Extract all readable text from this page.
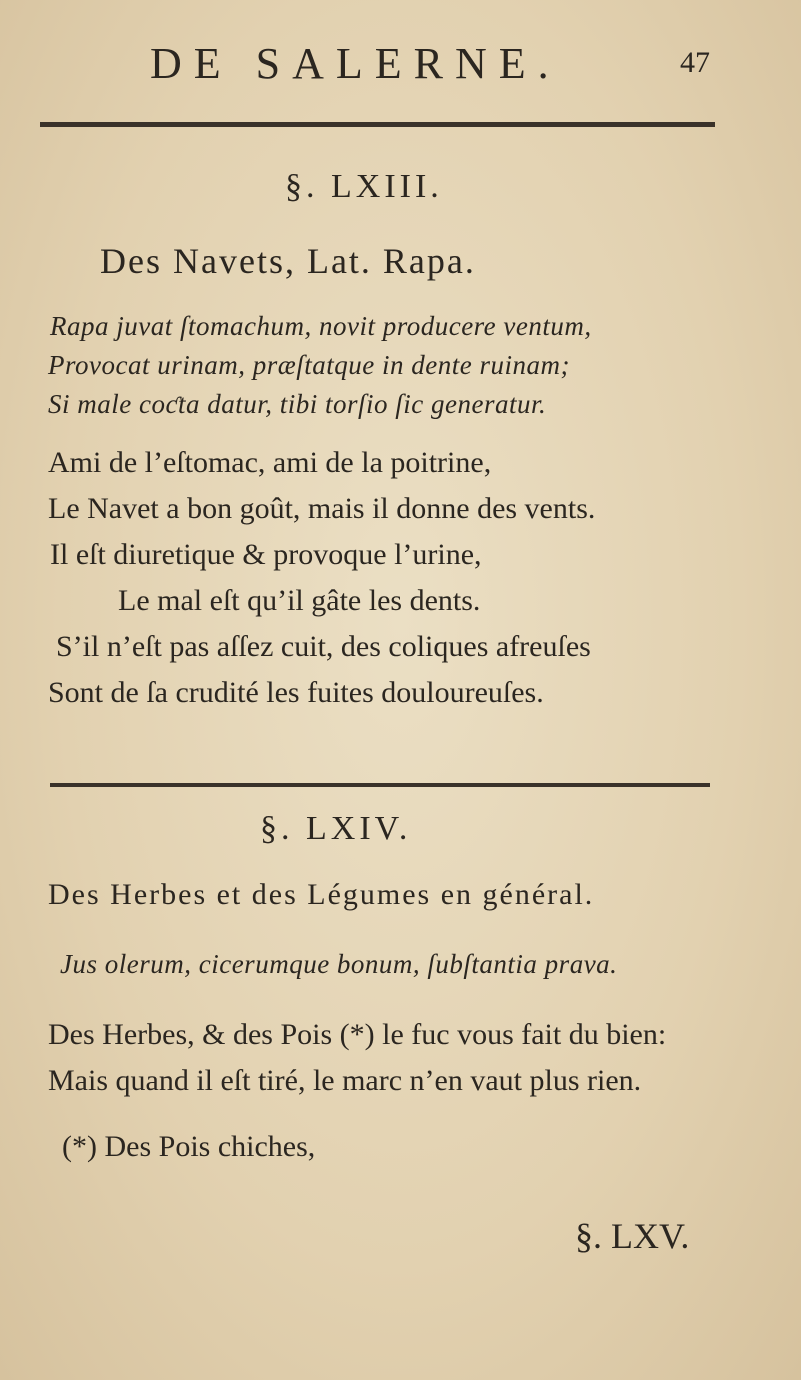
DE SALERNE.	47
§. LXIII.
Des Navets, Lat. Rapa.
Rapa juvat ſtomachum, novit producere ventum,
Provocat urinam, præſtatque in dente ruinam;
Si male coƈta datur, tibi torſio ſic generatur.
Ami de l’eſtomac, ami de la poitrine,
Le Navet a bon goût, mais il donne des vents.
Il eſt diuretique & provoque l’urine,
Le mal eſt qu’il gâte les dents.
S’il n’eſt pas aſſez cuit, des coliques afreuſes
Sont de ſa crudité les fuites douloureuſes.
§. LXIV.
Des Herbes et des Légumes en général.
Jus olerum, cicerumque bonum, ſubſtantia prava.
Des Herbes, & des Pois (*) le fuc vous fait du bien:
Mais quand il eſt tiré, le marc n’en vaut plus rien.
(*) Des Pois chiches,
§. LXV.
